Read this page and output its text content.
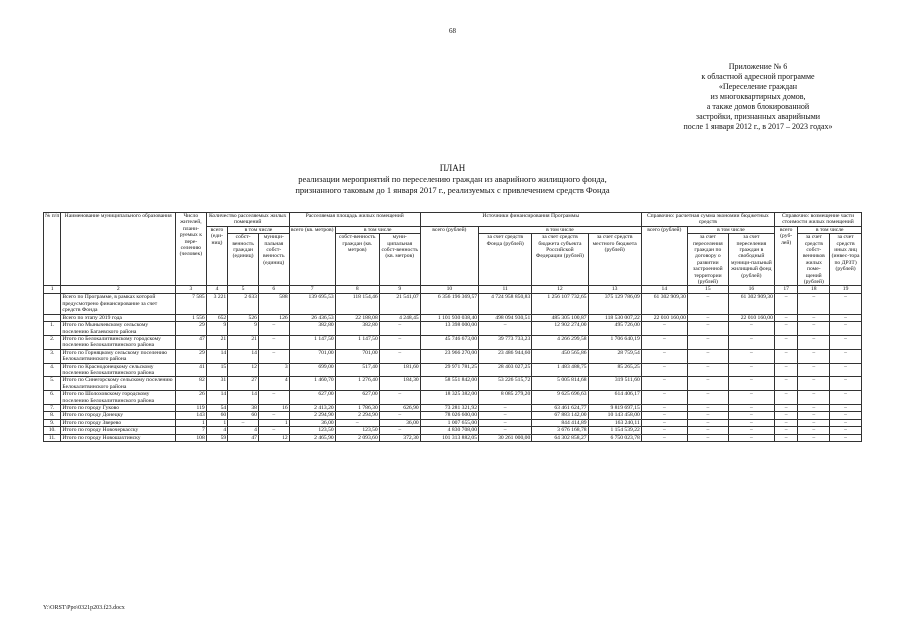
68
Приложение № 6
к областной адресной программе
«Переселение граждан
из многоквартирных домов,
а также домов блокированной
застройки, признанных аварийными
после 1 января 2012 г., в 2017 – 2023 годах»
ПЛАН
реализации мероприятий по переселению граждан из аварийного жилищного фонда,
признанного таковым до 1 января 2017 г., реализуемых с привлечением средств Фонда
№ п/п	Наименование муниципального образования	Число жителей, плани-руемых к пере-селению (человек)	Количество расселяемых жилых помещений			Расселяемая площадь жилых помещений			Источники финансирования Программы				Справочно: расчетная сумма экономии бюджетных средств			Справочно: возмещение части стоимости жилых помещений		
			всего (еди-ниц)	в том числе		всего (кв. метров)	в том числе		всего (рублей)	в том числе			всего (рублей)	в том числе		всего (руб-лей)	в том числе	
				собст-венность граждан (единиц)	муници-пальная собст-венность (единиц)		собст-венность граждан (кв. метров)	муни-ципальная собст-венность (кв. метров)		за счет средств Фонда (рублей)	за счет средств бюджета субъекта Российской Федерации (рублей)	за счет средств местного бюджета (рублей)		за счет переселения граждан по договору о развитии застроенной территории (рублей)	за счет переселения граждан в свободный муници-пальный жилищный фонд (рублей)		за счет средств собст-венников жилых поме-щений (рублей)	за счет средств иных лиц (инвес-тора по ДРЗТ) (рублей)
1	2	3	4	5	6	7	8	9	10	11	12	13	14	15	16	17	18	19
	Всего по Программе, в рамках которой предусмотрено финансирование за счет средств Фонда	7 585	3 221	2 633	588	139 695,53	118 154,46	21 541,07	6 356 196 369,57	4 724 958 850,83	1 256 107 732,65	375 129 786,09	61 302 909,30	–	61 302 909,30	–	–	–
	Всего по этапу 2019 года	1 556	652	526	126	26 436,53	22 188,08	4 248,45	1 101 930 038,40	498 094 930,51	485 305 100,87	118 530 007,22	22 010 160,00	–	22 010 160,00	–	–	–
1.	Итого по Мынычевскому сельскому поселению Багаевского района	29	9	9	–	382,80	382,80	–	13 398 000,00	–	12 902 274,00	495 726,00	–	–	–	–	–	–
2.	Итого по Белокалитвинскому городскому поселению Белокалитвинского района	47	21	21	–	1 147,50	1 147,50	–	45 746 673,00	39 773 733,23	4 266 299,58	1 706 640,19	–	–	–	–	–	–
3.	Итого по Горняцкому сельскому поселению Белокалитвинского района	29	14	14	–	701,00	701,00	–	23 966 270,00	23 486 944,60	450 565,86	28 759,54	–	–	–	–	–	–
4.	Итого по Краснодонецкому сельскому поселению Белокалитвинского района	41	15	12	3	699,00	517,40	181,60	29 971 781,25	28 403 027,25	1 483 488,75	85 265,25	–	–	–	–	–	–
5.	Итого по Синегорскому сельскому поселению Белокалитвинского района	82	31	27	4	1 460,70	1 276,40	184,30	58 551 842,00	53 226 515,72	5 005 814,68	319 511,60	–	–	–	–	–	–
6.	Итого по Шолоховскому городскому поселению Белокалитвинского района	26	14	14	–	627,00	627,00	–	18 325 382,00	8 085 279,20	9 625 696,63	614 406,17	–	–	–	–	–	–
7.	Итого по городу Гуково	119	54	38	16	2 413,20	1 786,30	626,90	73 281 321,92	–	63 461 624,77	9 819 697,15	–	–	–	–	–	–
8.	Итого по городу Донецку	143	60	60	–	2 294,90	2 294,90	–	78 026 600,00	–	67 883 142,00	10 143 458,00	–	–	–	–	–	–
9.	Итого по городу Зверево	1	1	–	1	36,00	–	36,00	1 007 655,00	–	844 414,89	163 240,11	–	–	–	–	–	–
10.	Итого по городу Новочеркасску	7	4	4	–	123,50	123,50	–	4 830 708,00	–	3 676 168,78	1 154 539,22	–	–	–	–	–	–
11.	Итого по городу Новошахтинску	108	59	47	12	2 465,90	2 093,60	372,30	101 313 882,05	30 261 000,00	64 302 858,27	6 750 023,78	–	–	–	–	–	–
Y:\ORST\Ppo\0321p203.f23.docx
